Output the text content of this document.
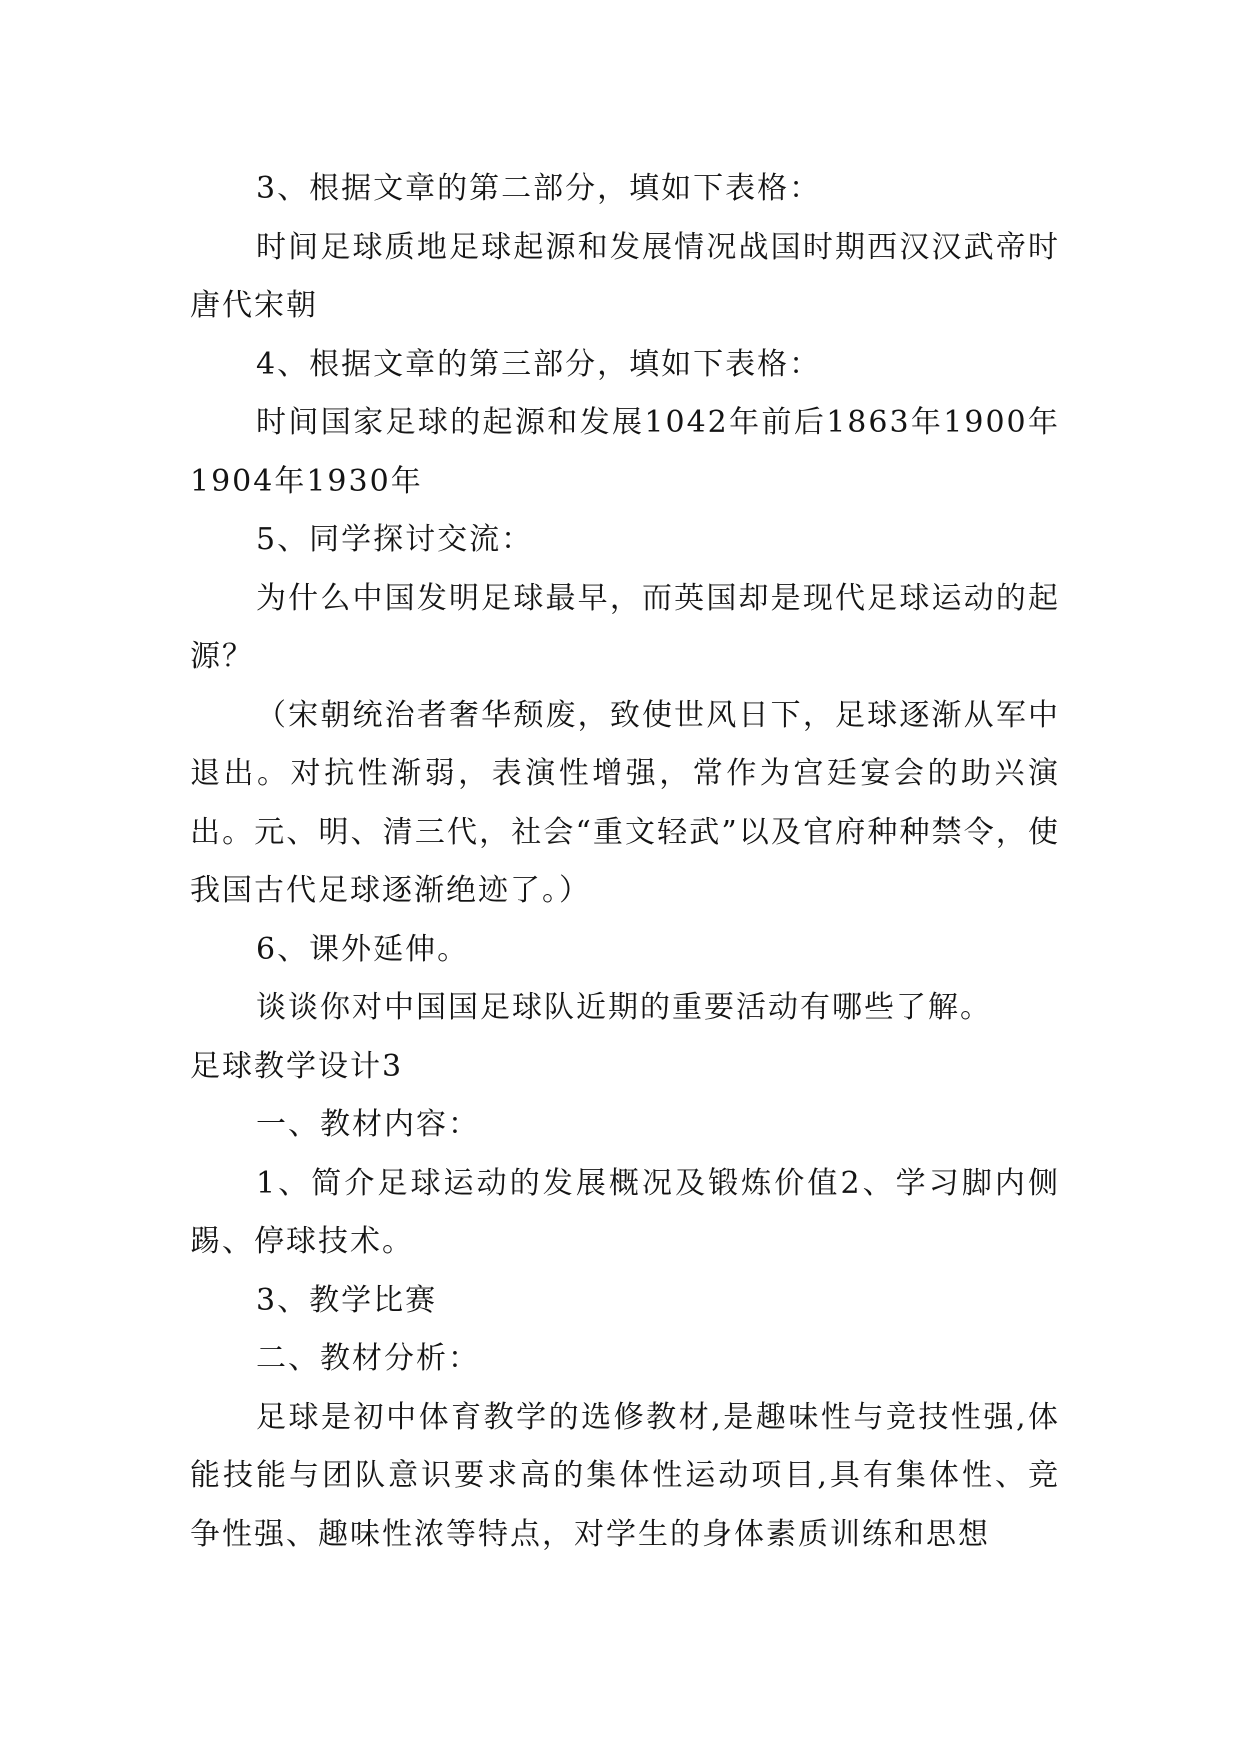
3、根据文章的第二部分，填如下表格：

时间足球质地足球起源和发展情况战国时期西汉汉武帝时唐代宋朝

4、根据文章的第三部分，填如下表格：

时间国家足球的起源和发展1042年前后1863年1900年1904年1930年

5、同学探讨交流：

为什么中国发明足球最早，而英国却是现代足球运动的起源？

（宋朝统治者奢华颓废，致使世风日下，足球逐渐从军中退出。对抗性渐弱，表演性增强，常作为宫廷宴会的助兴演出。元、明、清三代，社会“重文轻武”以及官府种种禁令，使我国古代足球逐渐绝迹了。）

6、课外延伸。

谈谈你对中国国足球队近期的重要活动有哪些了解。

足球教学设计3

一、教材内容：

1、简介足球运动的发展概况及锻炼价值2、学习脚内侧踢、停球技术。

3、教学比赛

二、教材分析：

足球是初中体育教学的选修教材,是趣味性与竞技性强,体能技能与团队意识要求高的集体性运动项目,具有集体性、竞争性强、趣味性浓等特点，对学生的身体素质训练和思想
